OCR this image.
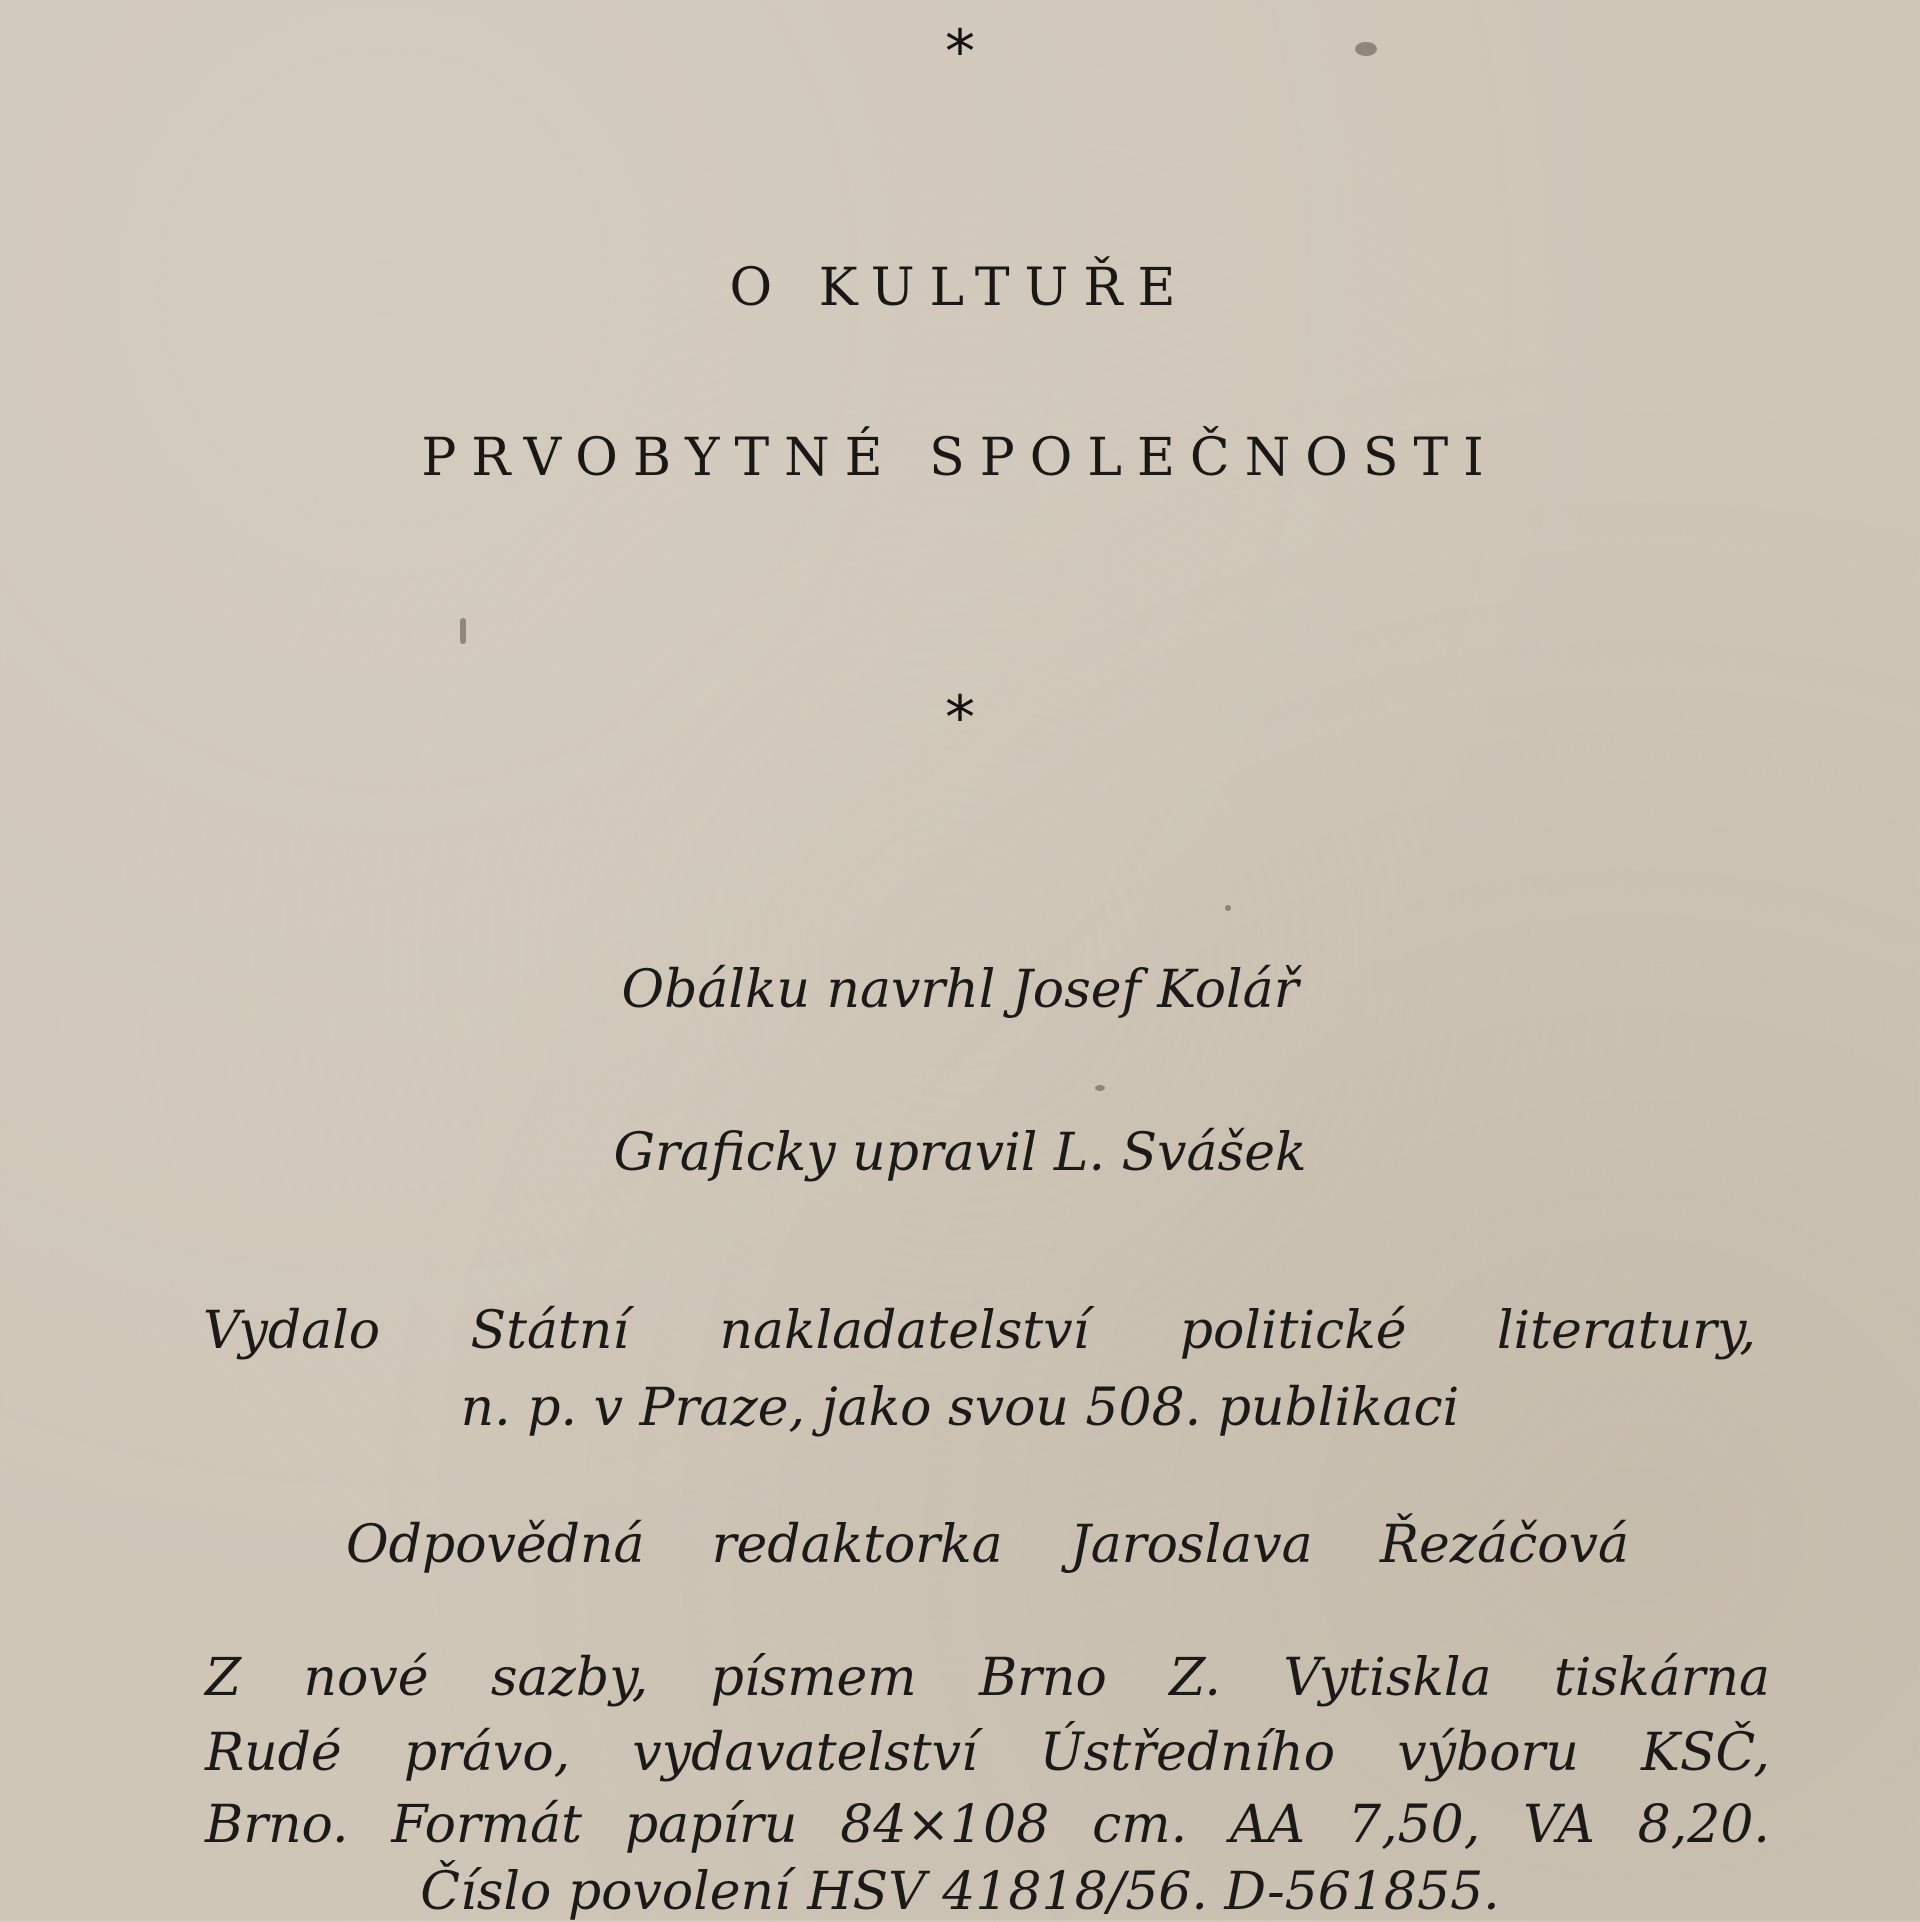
*
O KULTUŘE
PRVOBYTNÉ SPOLEČNOSTI
*
Obálku navrhl Josef Kolář
Graficky upravil L. Svášek
Vydalo Státní nakladatelství politické literatury,
n. p. v Praze, jako svou 508. publikaci
Odpovědná redaktorka Jaroslava Řezáčová
Z nové sazby, písmem Brno Z. Vytiskla tiskárna
Rudé právo, vydavatelství Ústředního výboru KSČ,
Brno. Formát papíru 84×108 cm. AA 7,50, VA 8,20.
Číslo povolení HSV 41818/56. D-561855.
